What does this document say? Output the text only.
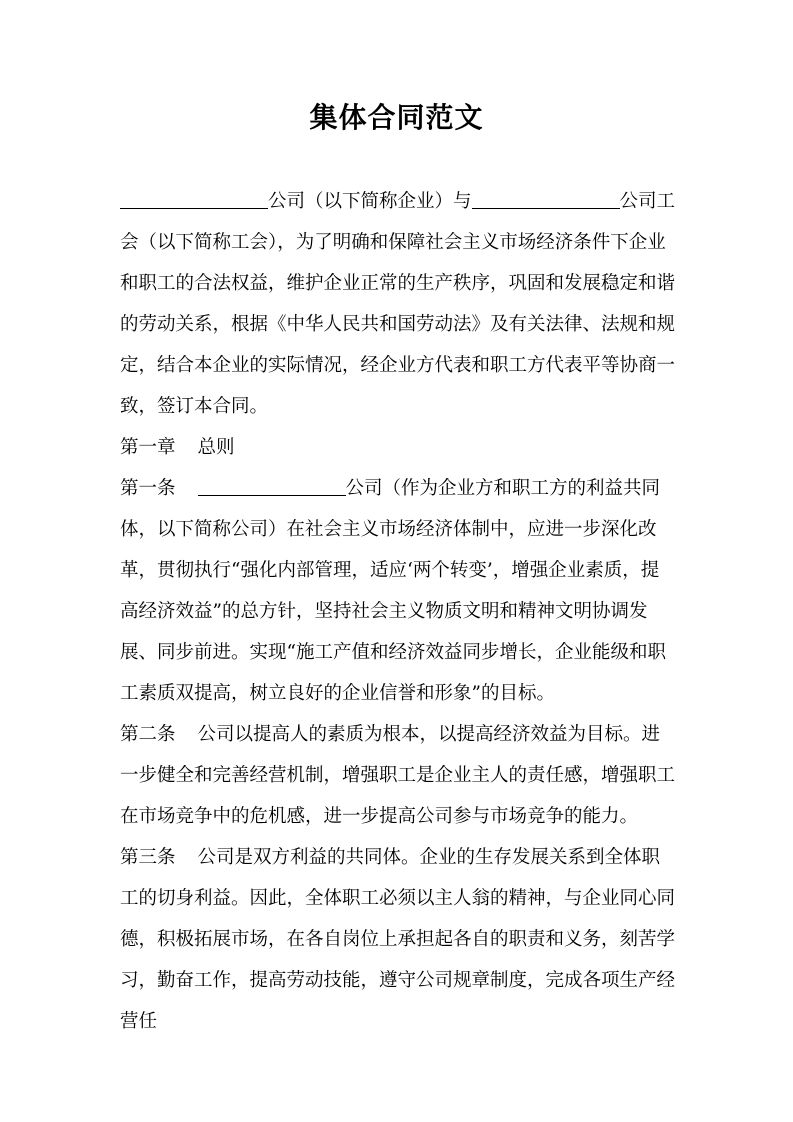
集体合同范文

公司（以下简称企业）与	公司工会（以下简称工会），为了明确和保障社会主义市场经济条件下企业和职工的合法权益，维护企业正常的生产秩序，巩固和发展稳定和谐的劳动关系，根据《中华人民共和国劳动法》及有关法律、法规和规定，结合本企业的实际情况，经企业方代表和职工方代表平等协商一致，签订本合同。

第一章 总则

第一条	公司（作为企业方和职工方的利益共同体，以下简称公司）在社会主义市场经济体制中，应进一步深化改革，贯彻执行“强化内部管理，适应‘两个转变’，增强企业素质，提高经济效益”的总方针，坚持社会主义物质文明和精神文明协调发展、同步前进。实现“施工产值和经济效益同步增长，企业能级和职工素质双提高，树立良好的企业信誉和形象”的目标。

第二条 公司以提高人的素质为根本，以提高经济效益为目标。进一步健全和完善经营机制，增强职工是企业主人的责任感，增强职工在市场竞争中的危机感，进一步提高公司参与市场竞争的能力。

第三条 公司是双方利益的共同体。企业的生存发展关系到全体职工的切身利益。因此，全体职工必须以主人翁的精神，与企业同心同德，积极拓展市场，在各自岗位上承担起各自的职责和义务，刻苦学习，勤奋工作，提高劳动技能，遵守公司规章制度，完成各项生产经营任
